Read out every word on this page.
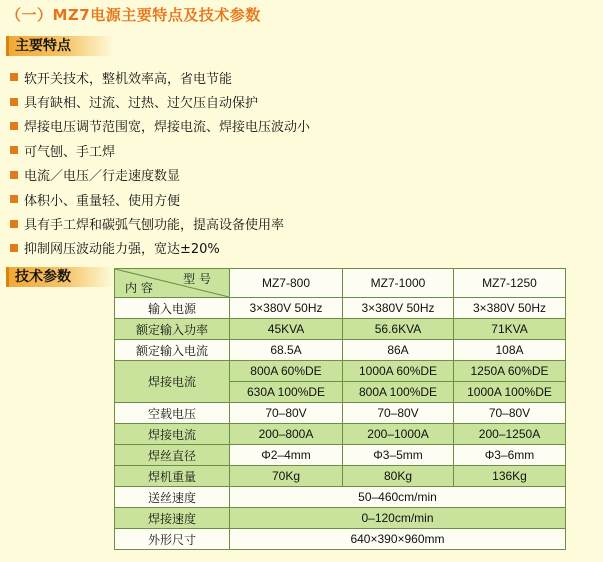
（一）MZ7电源主要特点及技术参数
主要特点
软开关技术，整机效率高，省电节能
具有缺相、过流、过热、过欠压自动保护
焊接电压调节范围宽，焊接电流、焊接电压波动小
可气刨、手工焊
电流／电压／行走速度数显
体积小、重量轻、使用方便
具有手工焊和碳弧气刨功能，提高设备使用率
抑制网压波动能力强，宽达±20%
技术参数	型 号
内 容	MZ7-800	MZ7-1000	MZ7-1250
输入电源	3×380V 50Hz	3×380V 50Hz	3×380V 50Hz
额定输入功率	45KVA	56.6KVA	71KVA
额定输入电流	68.5A	86A	108A
焊接电流	800A 60%DE	1000A 60%DE	1250A 60%DE
	630A 100%DE	800A 100%DE	1000A 100%DE
空载电压	70–80V	70–80V	70–80V
焊接电流	200–800A	200–1000A	200–1250A
焊丝直径	Φ2–4mm	Φ3–5mm	Φ3–6mm
焊机重量	70Kg	80Kg	136Kg
送丝速度	50–460cm/min		
焊接速度	0–120cm/min		
外形尺寸	640×390×960mm		
